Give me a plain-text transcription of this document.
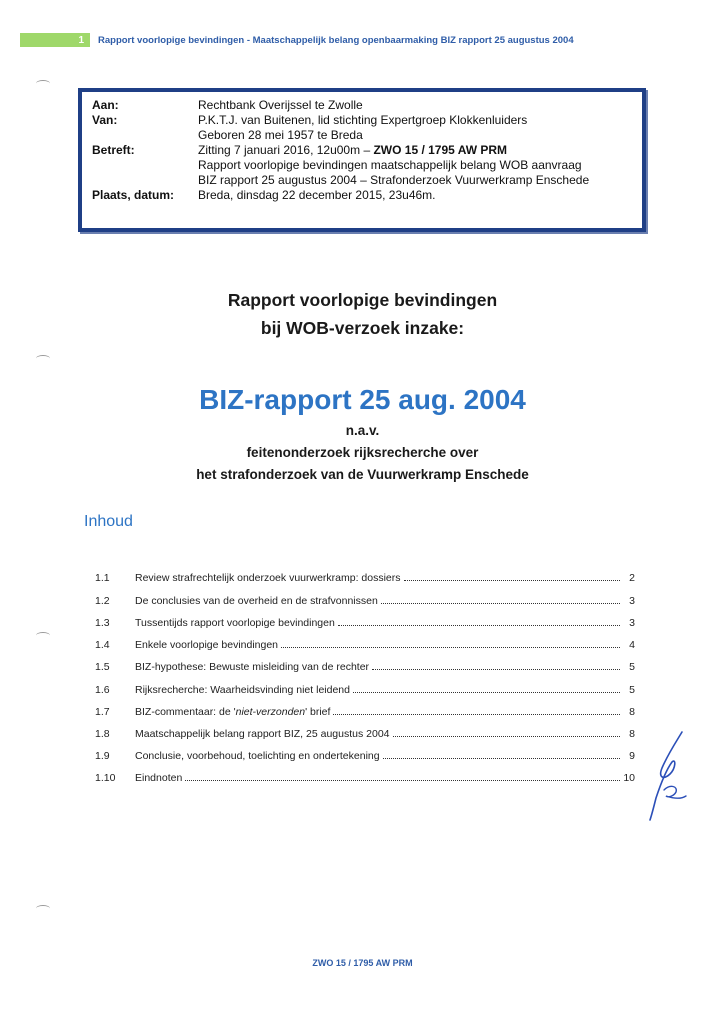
1	Rapport voorlopige bevindingen - Maatschappelijk belang openbaarmaking BIZ rapport 25 augustus 2004
Aan:	Rechtbank Overijssel te Zwolle
Van:	P.K.T.J. van Buitenen, lid stichting Expertgroep Klokkenluiders
Geboren 28 mei 1957 te Breda
Betreft:	Zitting 7 januari 2016, 12u00m – ZWO 15 / 1795 AW PRM
Rapport voorlopige bevindingen maatschappelijk belang WOB aanvraag
BIZ rapport 25 augustus 2004 – Strafonderzoek Vuurwerkramp Enschede
Plaats, datum:	Breda, dinsdag 22 december 2015, 23u46m.
Rapport voorlopige bevindingen
bij WOB-verzoek inzake:
BIZ-rapport 25 aug. 2004
n.a.v.
feitenonderzoek rijksrecherche over
het strafonderzoek van de Vuurwerkramp Enschede
Inhoud
1.1	Review strafrechtelijk onderzoek vuurwerkramp: dossiers	2
1.2	De conclusies van de overheid en de strafvonnissen	3
1.3	Tussentijds rapport voorlopige bevindingen	3
1.4	Enkele voorlopige bevindingen	4
1.5	BIZ-hypothese: Bewuste misleiding van de rechter	5
1.6	Rijksrecherche: Waarheidsvinding niet leidend	5
1.7	BIZ-commentaar: de 'niet-verzonden' brief	8
1.8	Maatschappelijk belang rapport BIZ, 25 augustus 2004	8
1.9	Conclusie, voorbehoud, toelichting en ondertekening	9
1.10	Eindnoten	10
ZWO 15 / 1795 AW PRM
